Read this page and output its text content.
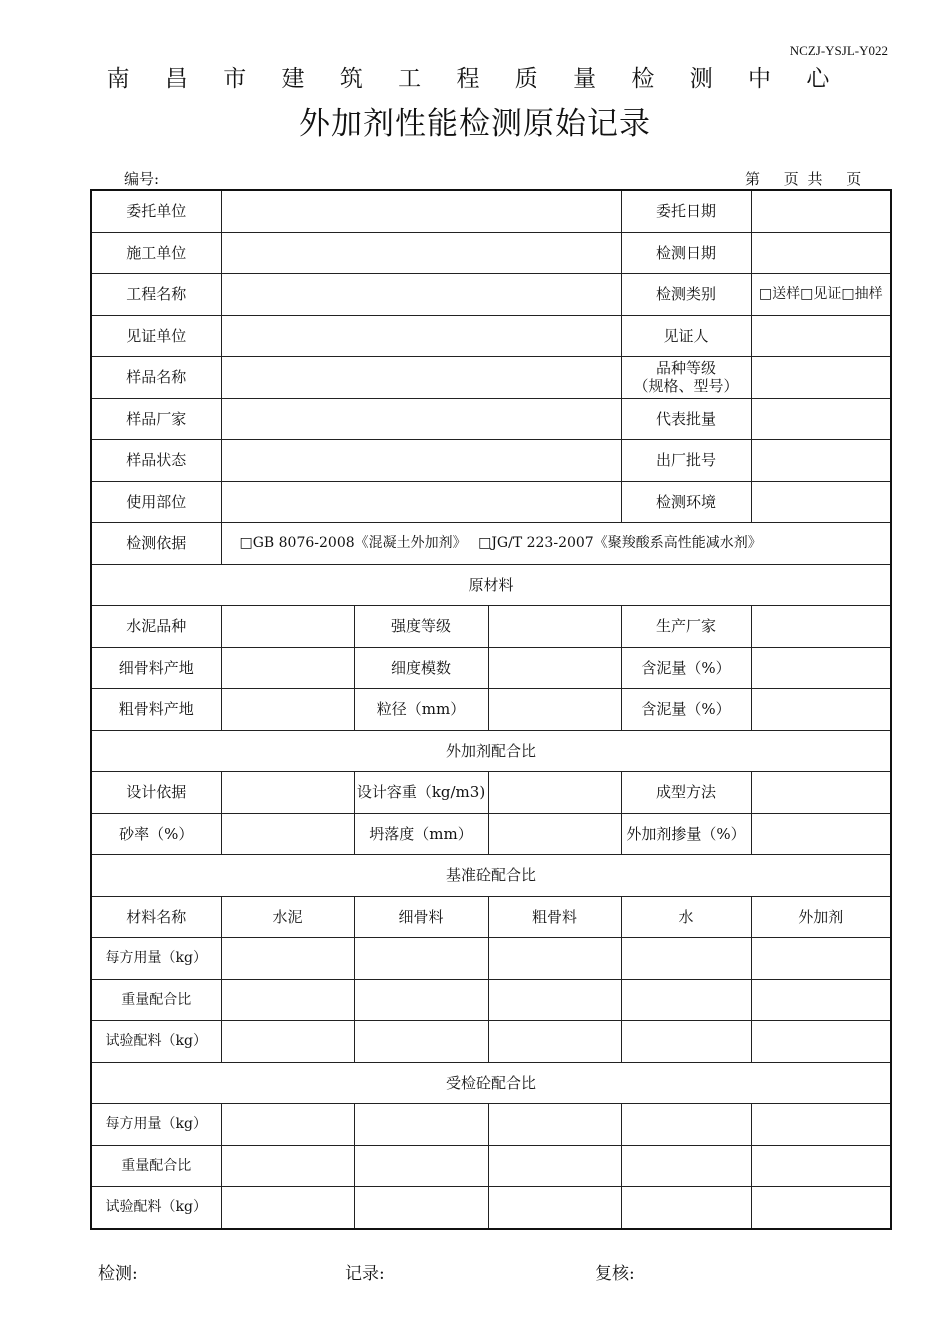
NCZJ-YSJL-Y022
南 昌 市 建 筑 工 程 质 量 检 测 中 心
外加剂性能检测原始记录
编号:	第　 页 共　 页
委托单位				委托日期	
施工单位				检测日期	
工程名称				检测类别	□送样□见证□抽样
见证单位				见证人	
样品名称				品种等级
（规格、型号）	

样品厂家				代表批量	
样品状态				出厂批号	
使用部位				检测环境	
检测依据	□GB 8076-2008《混凝土外加剂》　 □JG/T 223-2007《聚羧酸系高性能减水剂》				
原材料					
水泥品种		强度等级		生产厂家	
细骨料产地		细度模数		含泥量（%）	
粗骨料产地		粒径（mm）		含泥量（%）	
外加剂配合比					
设计依据		设计容重（kg/m3)		成型方法	
砂率（%）		坍落度（mm）		外加剂掺量（%）	
基准砼配合比					
材料名称	水泥	细骨料	粗骨料	水	外加剂
每方用量（kg）					
重量配合比					
试验配料（kg）					
受检砼配合比					
每方用量（kg）					
重量配合比					
试验配料（kg）					
检测:	记录:	复核:
